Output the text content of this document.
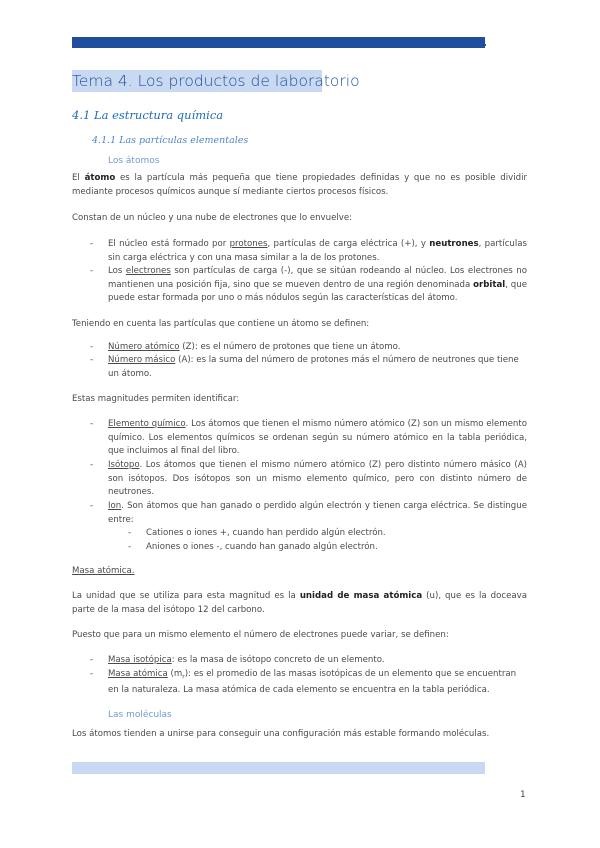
Tema 4. Los productos de laboratorio
4.1 La estructura química
4.1.1 Las partículas elementales
Los átomos

El átomo es la partícula más pequeña que tiene propiedades definidas y que no es posible dividir mediante procesos químicos aunque sí mediante ciertos procesos físicos.

Constan de un núcleo y una nube de electrones que lo envuelve:

- El núcleo está formado por protones, partículas de carga eléctrica (+), y neutrones, partículas sin carga eléctrica y con una masa similar a la de los protones.
- Los electrones son partículas de carga (-), que se sitúan rodeando al núcleo. Los electrones no mantienen una posición fija, sino que se mueven dentro de una región denominada orbital, que puede estar formada por uno o más nódulos según las características del átomo.

Teniendo en cuenta las partículas que contiene un átomo se definen:

- Número atómico (Z): es el número de protones que tiene un átomo.
- Número másico (A): es la suma del número de protones más el número de neutrones que tiene un átomo.

Estas magnitudes permiten identificar:

- Elemento químico. Los átomos que tienen el mismo número atómico (Z) son un mismo elemento químico. Los elementos químicos se ordenan según su número atómico en la tabla periódica, que incluimos al final del libro.
- Isótopo. Los átomos que tienen el mismo número atómico (Z) pero distinto número másico (A) son isótopos. Dos isótopos son un mismo elemento químico, pero con distinto número de neutrones.
- Ion. Son átomos que han ganado o perdido algún electrón y tienen carga eléctrica. Se distingue entre:
- Cationes o iones +, cuando han perdido algún electrón.
- Aniones o iones -, cuando han ganado algún electrón.

Masa atómica.

La unidad que se utiliza para esta magnitud es la unidad de masa atómica (u), que es la doceava parte de la masa del isótopo 12 del carbono.

Puesto que para un mismo elemento el número de electrones puede variar, se definen:

- Masa isotópica: es la masa de isótopo concreto de un elemento.
- Masa atómica $(m_r)$: es el promedio de las masas isotópicas de un elemento que se encuentran en la naturaleza. La masa atómica de cada elemento se encuentra en la tabla periódica.
Las moléculas

Los átomos tienden a unirse para conseguir una configuración más estable formando moléculas.

1
